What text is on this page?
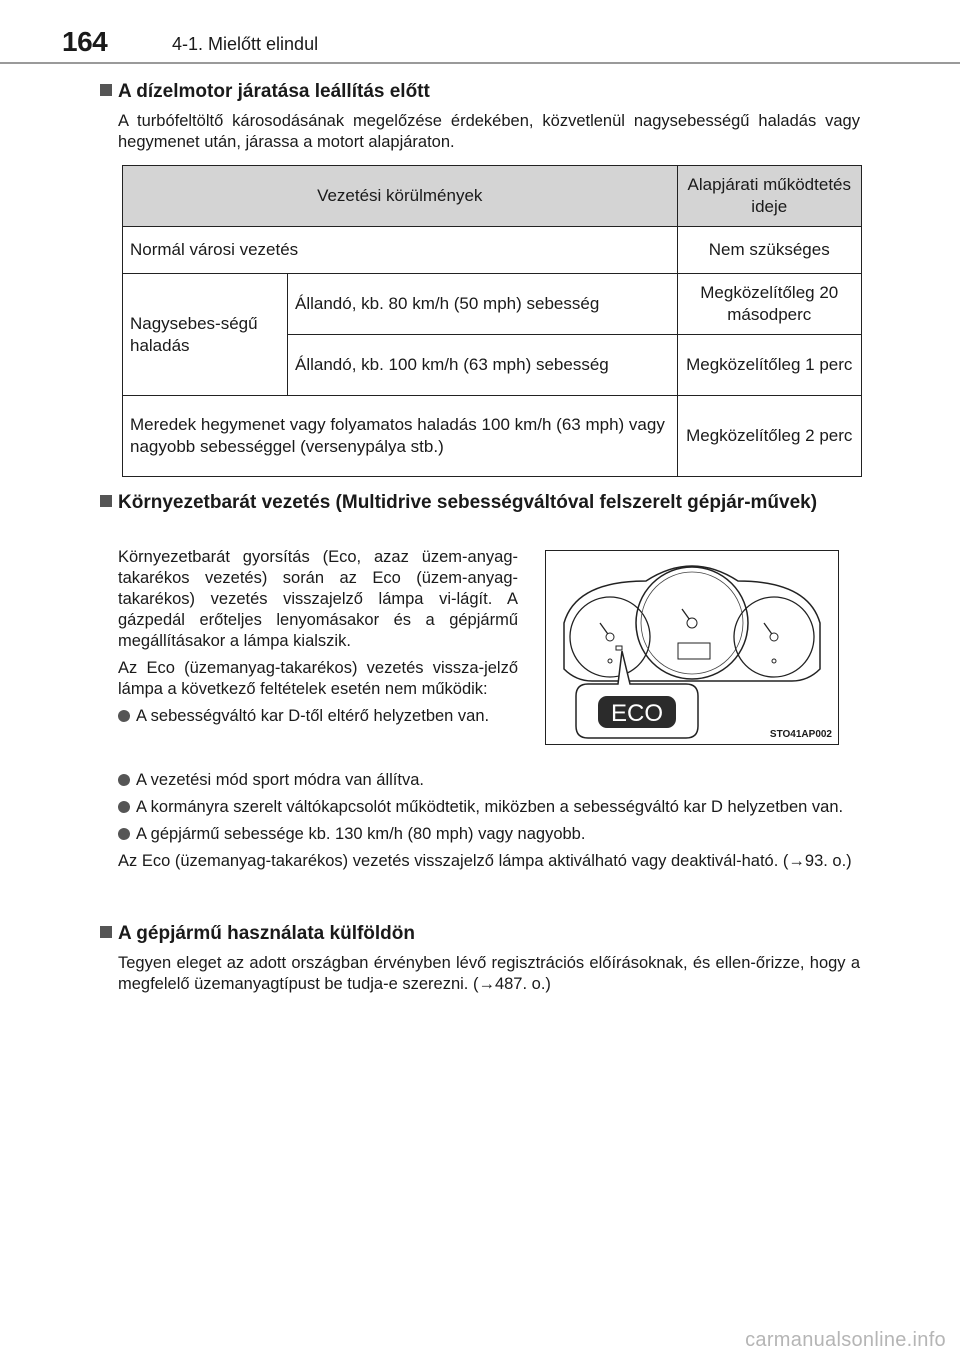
164	4-1. Mielőtt elindul
A dízelmotor járatása leállítás előtt
A turbófeltöltő károsodásának megelőzése érdekében, közvetlenül nagysebességű haladás vagy hegymenet után, járassa a motort alapjáraton.
Vezetési körülmények		Alapjárati működtetés ideje
Normál városi vezetés		Nem szükséges
Nagysebes-ségű haladás	Állandó, kb. 80 km/h (50 mph) sebesség	Megközelítőleg 20 másodperc
	Állandó, kb. 100 km/h (63 mph) sebesség	Megközelítőleg 1 perc
Meredek hegymenet vagy folyamatos haladás 100 km/h (63 mph) vagy nagyobb sebességgel (versenypálya stb.)		Megközelítőleg 2 perc
Környezetbarát vezetés (Multidrive sebességváltóval felszerelt gépjár-művek)

Környezetbarát gyorsítás (Eco, azaz üzem-anyag-takarékos vezetés) során az Eco (üzem-anyag-takarékos) vezetés visszajelző lámpa vi-lágít. A gázpedál erőteljes lenyomásakor és a gépjármű megállításakor a lámpa kialszik.

Az Eco (üzemanyag-takarékos) vezetés vissza-jelző lámpa a következő feltételek esetén nem működik:

A sebességváltó kar D-től eltérő helyzetben van.	ECO
STO41AP002
A vezetési mód sport módra van állítva.
A kormányra szerelt váltókapcsolót működtetik, miközben a sebességváltó kar D helyzetben van.
A gépjármű sebessége kb. 130 km/h (80 mph) vagy nagyobb.
Az Eco (üzemanyag-takarékos) vezetés visszajelző lámpa aktiválható vagy deaktivál-ható. (→93. o.)
A gépjármű használata külföldön
Tegyen eleget az adott országban érvényben lévő regisztrációs előírásoknak, és ellen-őrizze, hogy a megfelelő üzemanyagtípust be tudja-e szerezni. (→487. o.)
carmanualsonline.info
